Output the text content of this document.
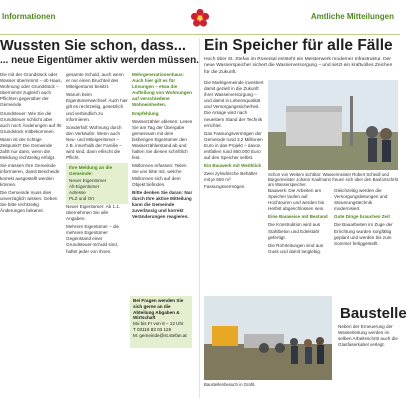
Informationen	Amtliche Mitteilungen
Wussten Sie schon, dass...
... neue Eigentümer aktiv werden müssen.

Die mit der Grundstück oder Wasser übernimmt – ob Haus, Wohnung oder Grundstück – übernimmt zugleich auch Pflichten gegenüber der Gemeinde.

Grundsteuer: Wie Sie die Grundsteuer schlicht aber auch noch Änderungen auf Ihr Grundstück mitbekommen.

Wann ist der richtige Zeitpunkt? Die Gemeinde zahlt nur dann, wenn die Meldung rechtzeitig erfolgt.

Sie müssen Ihre Gemeinde informieren, damit Bescheide korrekt ausgestellt werden können.

Die Gemeinde muss dies unverzüglich wissen. Geben Sie bitte rechtzeitig Änderungen bekannt.

gesamte Schuld, auch wenn er nur einen Bruchteil des Miteigentums besitzt.

Warum beim Eigentümerwechsel: Auch hier gilt es rechtzeitig, gesetzlich und verbindlich zu informieren.

Sonderfall: Wohnung durch den Verkäufer. Wenn auch Neu- und Miteigentümer – z.B. innerhalb der Familie – wird sind, dann erlischt die Pflicht.

Ihre Meldung an die Gemeinde:
Neuer Eigentümer
Alt-Eigentümer
Adresse
PLZ und Ort

Neuer Eigentümer: Ab 1.1. übernehmen Sie alle Angaben.

Mehrere Eigentümer – die mehrere Eigentümer Gegenstand einer Grundsteuer-Schuld sind, haftet jeder von ihnen.

Mehrgenerationenhaus: Auch hier gilt es für Lösungen – etwa die Aufteilung von Wohnungen auf verschiedene Wohneinheiten.

Empfehlung

Wasserzähler ablesen: Lesen Sie am Tag der Übergabe gemeinsam mit dem bisherigen Eigentümer den Wasserzählerstand ab und halten Sie diesen schriftlich fest.

Müllonnen erfassen: Teilen Sie uns bitte mit, welche Müllonnen sich auf dem Objekt befinden.

Bitte denken Sie daran: Nur durch Ihre aktive Mitteilung kann die Gemeinde zuverlässig und korrekt Veränderungen reagieren.

Bei Fragen wenden Sie sich gerne an die Abteilung Abgaben & Wirtschaft
Mo bis Fr von 8 – 12 Uhr
T 03116 83 03 126
M: gemeinde@st.stefan.at
Ein Speicher für alle Fälle
Hoch über St. Stefan im Rosental entsteht ein Meisterwerk moderner Infrastruktur. Der neue Wasserspeicher sichert die Wasserversorgung – und setzt ein kraftvolles Zeichen für die Zukunft.

Die Marktgemeinde investiert damit gezielt in die Zukunft ihrer Wasserversorgung – und damit in Lebensqualität und Versorgungssicherheit. Die Anlage wird nach neuestem Stand der Technik errichtet.

Das Fassungsvermögen der Gemeinde rund 3,2 Millionen Euro in das Projekt – davon entfallen rund 860.000 Euro auf den Speicher selbst.

Ein Bauwerk mit Weitblick

Zwei zylindrische Behälter mit je 500 m³ Fassungsvermögen.

Schon von Weitem sichtbar: Wassermeister Robert Scheidl und Bürgermeister Johann Kaufmann freuen sich über den Baufortschritt am Wasserspeicher.

Bauwerk: Die Arbeiten am Speicher laufen auf Hochtouren und werden bis Herbst abgeschlossen sein.

Eine Bauweise mit Bestand

Die Konstruktion wird aus Stahlbeton und Edelstahl gefertigt.

Die Rohrleitungen sind aus Guss und damit langlebig.

Gleichzeitig werden die Versorgungsleitungen und Steuerungstechnik modernisiert.

Gute Dinge brauchen Zeit

Die Bauarbeiten im Zuge der Errichtung wurden sorgfältig geplant und werden bis zum Sommer fertiggestellt.

Baustellenbesuch in Grafit.

Neben der Erneuerung der Wasserleitung werden im selben Arbeitsschritt auch die Glasfaserkabel verlegt.

Baustelle
